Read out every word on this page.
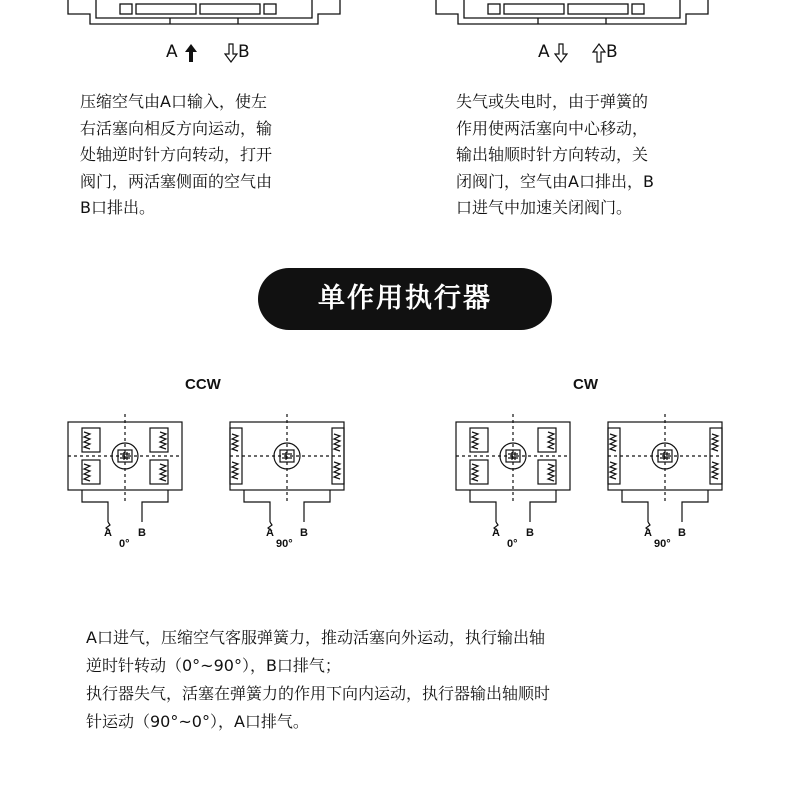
A	B	A	B
压缩空气由A口输入，使左
右活塞向相反方向运动，输
处轴逆时针方向转动，打开
阀门，两活塞侧面的空气由
B口排出。
失气或失电时，由于弹簧的
作用使两活塞向中心移动，
输出轴顺时针方向转动，关
闭阀门，空气由A口排出，B
口进气中加速关闭阀门。
单作用执行器
CCW	CW
A B
0°
A B
90°
A B
0°
A B
90°

A口进气，压缩空气客服弹簧力，推动活塞向外运动，执行输出轴

逆时针转动（0°~90°），B口排气；

执行器失气，活塞在弹簧力的作用下向内运动，执行器输出轴顺时

针运动（90°~0°），A口排气。
